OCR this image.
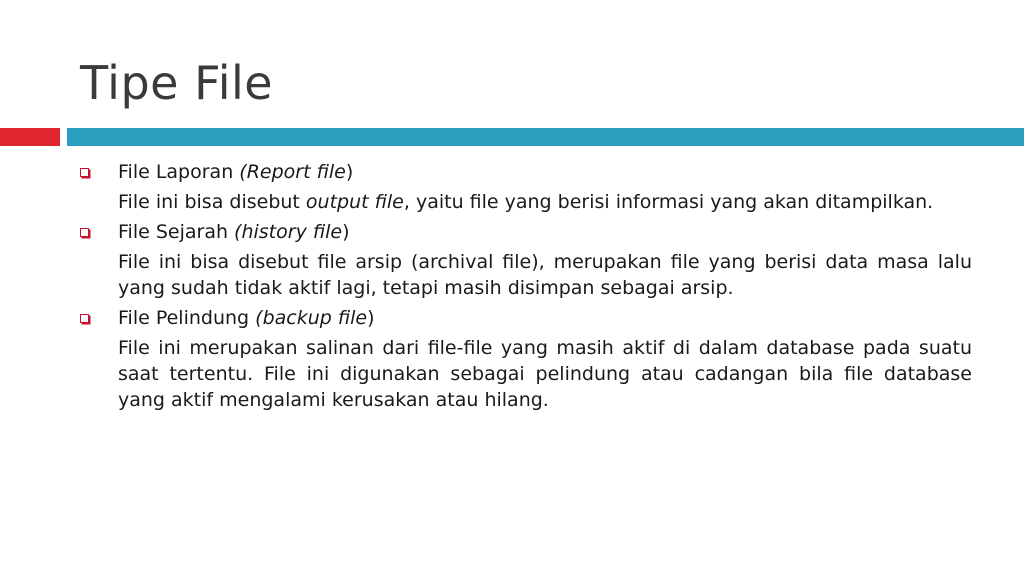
Tipe File
File Laporan (Report file)
File ini bisa disebut output file, yaitu file yang berisi informasi yang akan ditampilkan.
File Sejarah (history file)
File ini bisa disebut file arsip (archival file), merupakan file yang berisi data masa lalu yang sudah tidak aktif lagi, tetapi masih disimpan sebagai arsip.
File Pelindung (backup file)
File ini merupakan salinan dari file-file yang masih aktif di dalam database pada suatu saat tertentu. File ini digunakan sebagai pelindung atau cadangan bila file database yang aktif mengalami kerusakan atau hilang.
